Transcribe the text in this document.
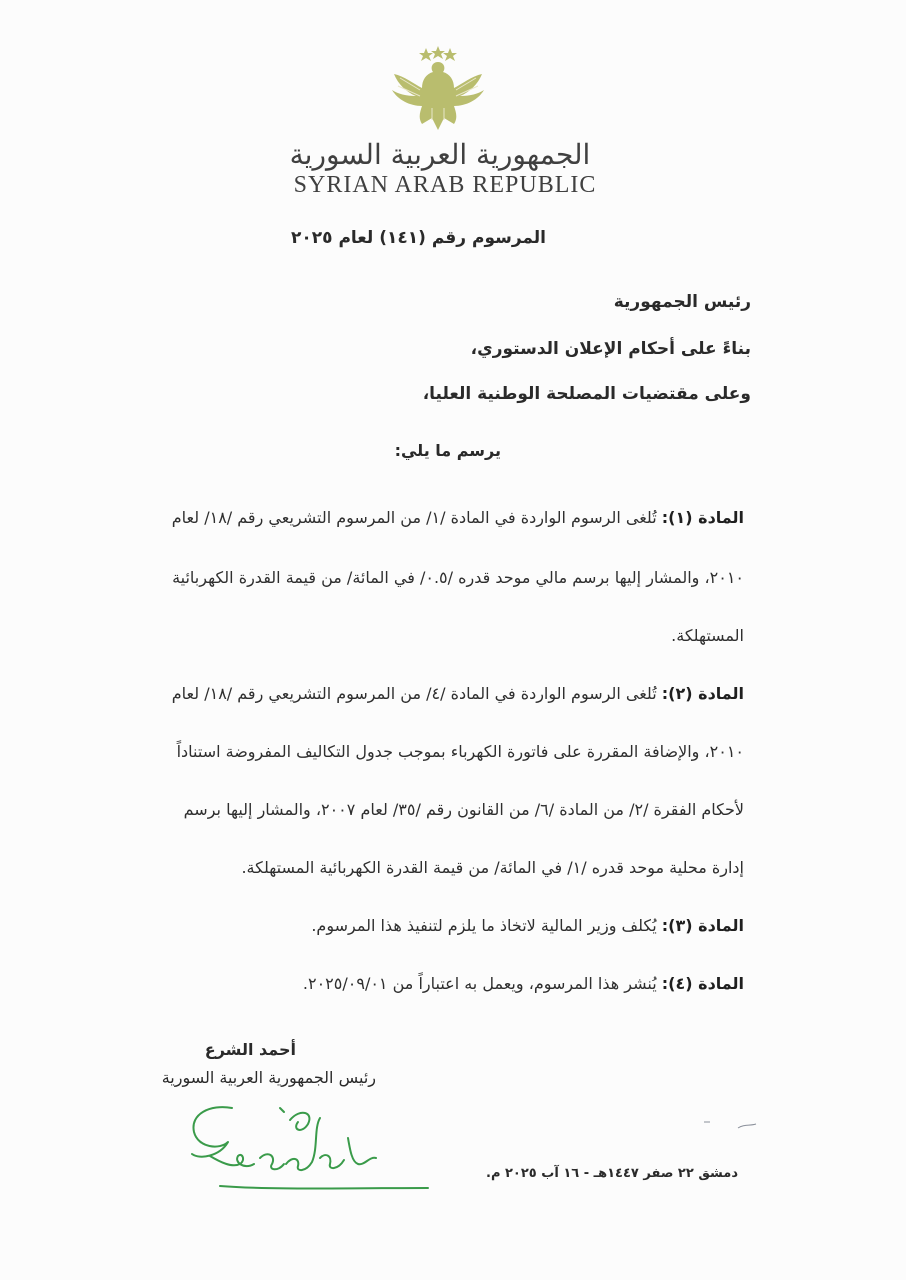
الجمهورية العربية السورية
SYRIAN ARAB REPUBLIC
المرسوم رقم (١٤١) لعام ٢٠٢٥
رئيس الجمهورية
بناءً على أحكام الإعلان الدستوري،
وعلى مقتضيات المصلحة الوطنية العليا،
يرسم ما يلي:
المادة (١): تُلغى الرسوم الواردة في المادة /١/ من المرسوم التشريعي رقم /١٨/ لعام
٢٠١٠، والمشار إليها برسم مالي موحد قدره /٠.٥/ في المائة/ من قيمة القدرة الكهربائية
المستهلكة.
المادة (٢): تُلغى الرسوم الواردة في المادة /٤/ من المرسوم التشريعي رقم /١٨/ لعام
٢٠١٠، والإضافة المقررة على فاتورة الكهرباء بموجب جدول التكاليف المفروضة استناداً
لأحكام الفقرة /٢/ من المادة /٦/ من القانون رقم /٣٥/ لعام ٢٠٠٧، والمشار إليها برسم
إدارة محلية موحد قدره /١/ في المائة/ من قيمة القدرة الكهربائية المستهلكة.
المادة (٣): يُكلف وزير المالية لاتخاذ ما يلزم لتنفيذ هذا المرسوم.
المادة (٤): يُنشر هذا المرسوم، ويعمل به اعتباراً من ٢٠٢٥/٠٩/٠١.
أحمد الشرع
رئيس الجمهورية العربية السورية
دمشق ٢٢ صفر ١٤٤٧هـ - ١٦ آب ٢٠٢٥ م.
